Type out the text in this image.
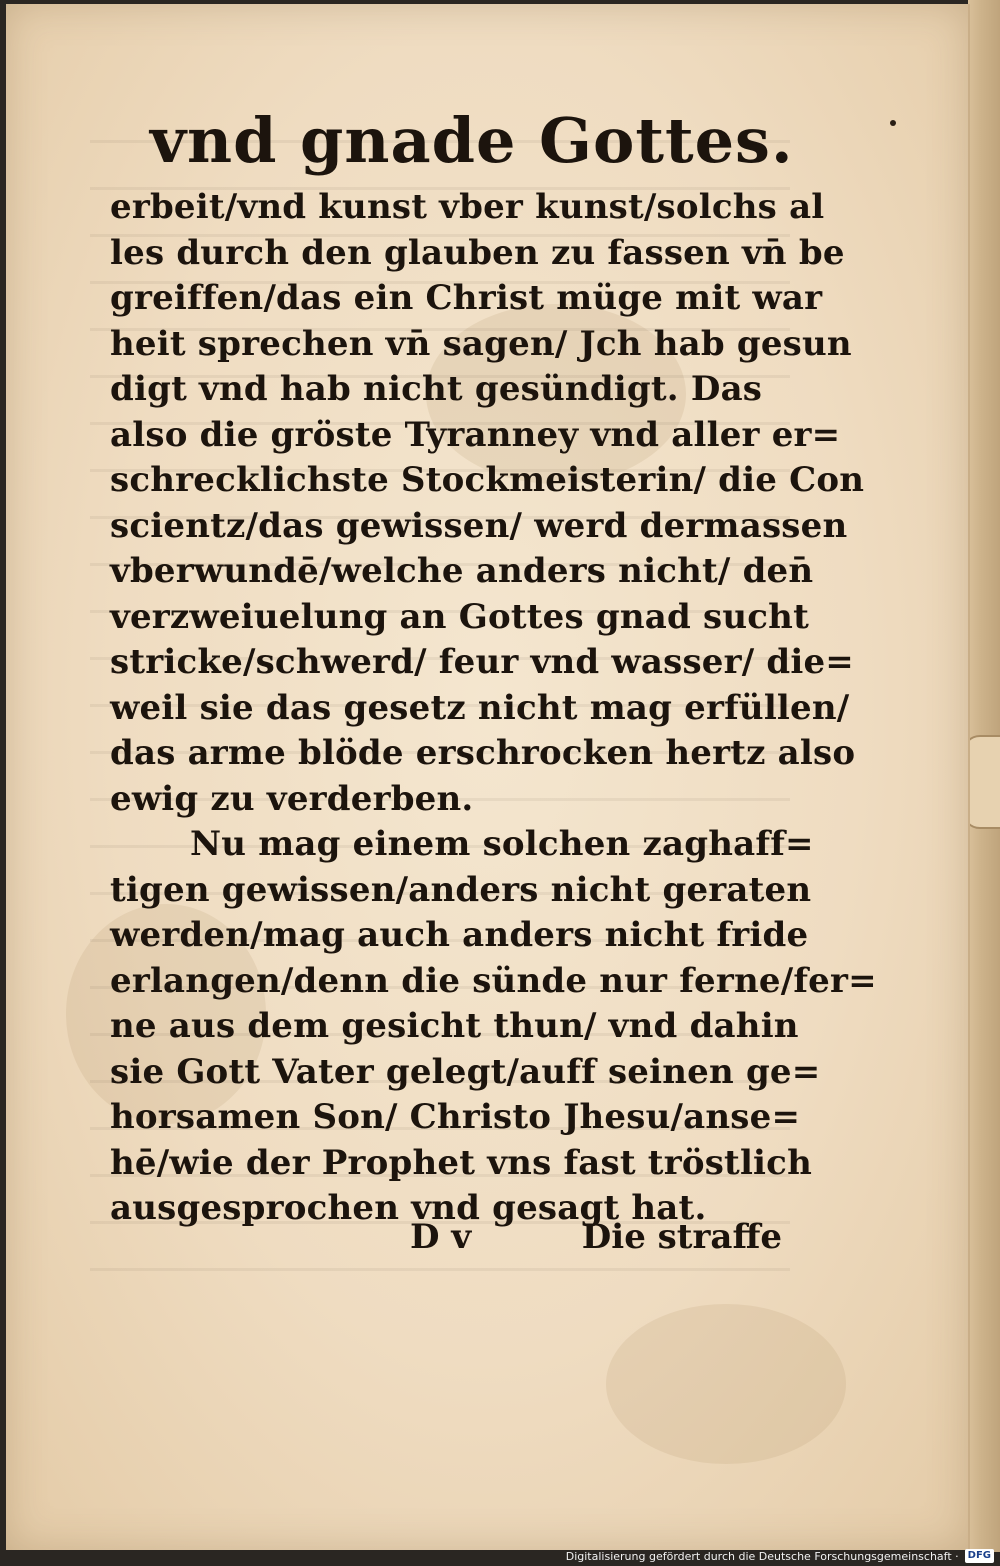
vnd gnade Gottes.
erbeit/vnd kunst vber kunst/solchs al
les durch den glauben zu fassen vn̄ be
greiffen/das ein Christ müge mit war
heit sprechen vn̄ sagen/ Jch hab gesun
digt vnd hab nicht gesündigt. Das
also die gröste Tyranney vnd aller er=
schrecklichste Stockmeisterin/ die Con
scientz/das gewissen/ werd dermassen
vberwundē/welche anders nicht/ den̄
verzweiuelung an Gottes gnad sucht
stricke/schwerd/ feur vnd wasser/ die=
weil sie das gesetz nicht mag erfüllen/
das arme blöde erschrocken hertz also
ewig zu verderben.
Nu mag einem solchen zaghaff=
tigen gewissen/anders nicht geraten
werden/mag auch anders nicht fride
erlangen/denn die sünde nur ferne/fer=
ne aus dem gesicht thun/ vnd dahin
sie Gott Vater gelegt/auff seinen ge=
horsamen Son/ Christo Jhesu/anse=
hē/wie der Prophet vns fast tröstlich
ausgesprochen vnd gesagt hat.
D v	Die straffe
Digitalisierung gefördert durch die Deutsche Forschungsgemeinschaft · DFG
